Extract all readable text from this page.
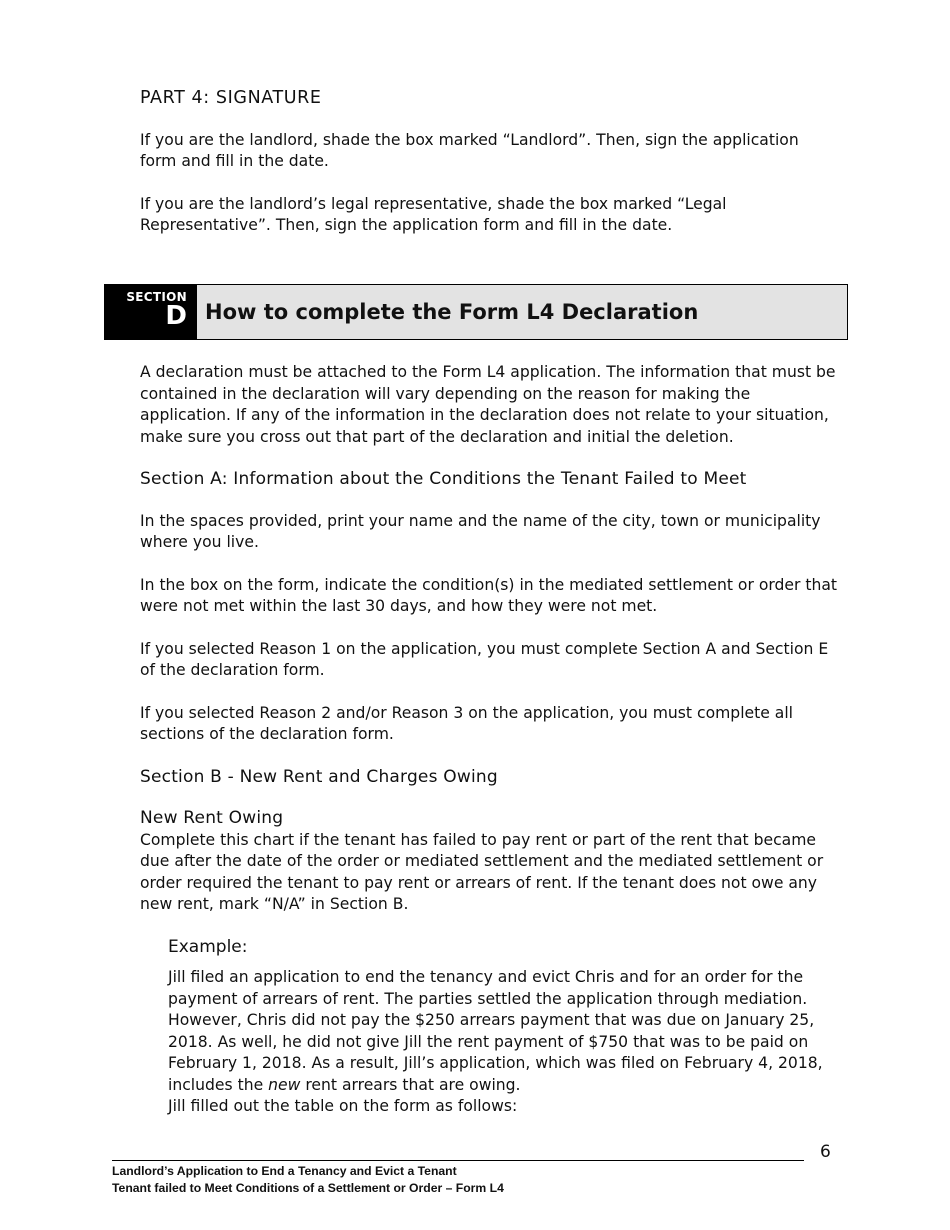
PART 4: SIGNATURE

If you are the landlord, shade the box marked “Landlord”. Then, sign the application form and fill in the date.

If you are the landlord’s legal representative, shade the box marked “Legal Representative”. Then, sign the application form and fill in the date.

SECTION
D How to complete the Form L4 Declaration

A declaration must be attached to the Form L4 application. The information that must be contained in the declaration will vary depending on the reason for making the application. If any of the information in the declaration does not relate to your situation, make sure you cross out that part of the declaration and initial the deletion.

Section A: Information about the Conditions the Tenant Failed to Meet

In the spaces provided, print your name and the name of the city, town or municipality where you live.

In the box on the form, indicate the condition(s) in the mediated settlement or order that were not met within the last 30 days, and how they were not met.

If you selected Reason 1 on the application, you must complete Section A and Section E of the declaration form.

If you selected Reason 2 and/or Reason 3 on the application, you must complete all sections of the declaration form.

Section B - New Rent and Charges Owing
New Rent Owing

Complete this chart if the tenant has failed to pay rent or part of the rent that became due after the date of the order or mediated settlement and the mediated settlement or order required the tenant to pay rent or arrears of rent. If the tenant does not owe any new rent, mark “N/A” in Section B.

Example:

Jill filed an application to end the tenancy and evict Chris and for an order for the payment of arrears of rent. The parties settled the application through mediation. However, Chris did not pay the $250 arrears payment that was due on January 25, 2018. As well, he did not give Jill the rent payment of $750 that was to be paid on February 1, 2018. As a result, Jill’s application, which was filed on February 4, 2018, includes the new rent arrears that are owing.

Jill filled out the table on the form as follows:

6
Landlord’s Application to End a Tenancy and Evict a Tenant
Tenant failed to Meet Conditions of a Settlement or Order – Form L4
